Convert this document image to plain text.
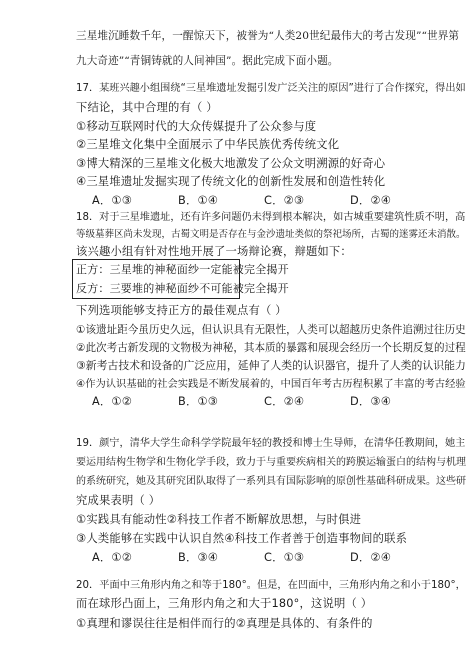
三星堆沉睡数千年，一醒惊天下，被誉为“人类20世纪最伟大的考古发现”“世界第
九大奇迹”“青铜铸就的人间神国”。据此完成下面小题。
17．某班兴趣小组围绕“三星堆遗址发掘引发广泛关注的原因”进行了合作探究，得出如
下结论，其中合理的有（ ）
①移动互联网时代的大众传媒提升了公众参与度
②三星堆文化集中全面展示了中华民族优秀传统文化
③博大精深的三星堆文化极大地激发了公众文明溯源的好奇心
④三星堆遗址发掘实现了传统文化的创新性发展和创造性转化
A．①③	B．①④	C．②③	D．②④
18．对于三星堆遗址，还有许多问题仍未得到根本解决，如古城重要建筑性质不明，高
等级墓葬区尚未发现，古蜀文明是否存在与金沙遗址类似的祭祀场所，古蜀的迷雾还未消散。
该兴趣小组有针对性地开展了一场辩论赛，辩题如下：
正方：三星堆的神秘面纱一定能被完全揭开
反方：三要堆的神秘面纱不可能被完全揭开
下列选项能够支持正方的最佳观点有（ ）
①该遗址距今虽历史久远，但认识具有无限性，人类可以超越历史条件追溯过往历史
②此次考古新发现的文物极为神秘，其本质的暴露和展现会经历一个长期反复的过程
③新考古技术和设备的广泛应用，延伸了人类的认识器官，提升了人类的认识能力
④作为认识基础的社会实践是不断发展着的，中国百年考古历程积累了丰富的考古经验
A．①②	B．①③	C．②④	D．③④
19．颜宁，清华大学生命科学学院最年轻的教授和博士生导师，在清华任教期间，她主
要运用结构生物学和生物化学手段，致力于与重要疾病相关的跨膜运输蛋白的结构与机理
的系统研究，她及其研究团队取得了一系列具有国际影响的原创性基础科研成果。这些研
究成果表明（ ）
①实践具有能动性②科技工作者不断解放思想，与时俱进
③人类能够在实践中认识自然④科技工作者善于创造事物间的联系
A．①②	B．③④	C．①③	D．②④
20．平面中三角形内角之和等于180°。但是，在凹面中，三角形内角之和小于180°，
而在球形凸面上，三角形内角之和大于180°，这说明（ ）
①真理和谬误往往是相伴而行的②真理是具体的、有条件的
